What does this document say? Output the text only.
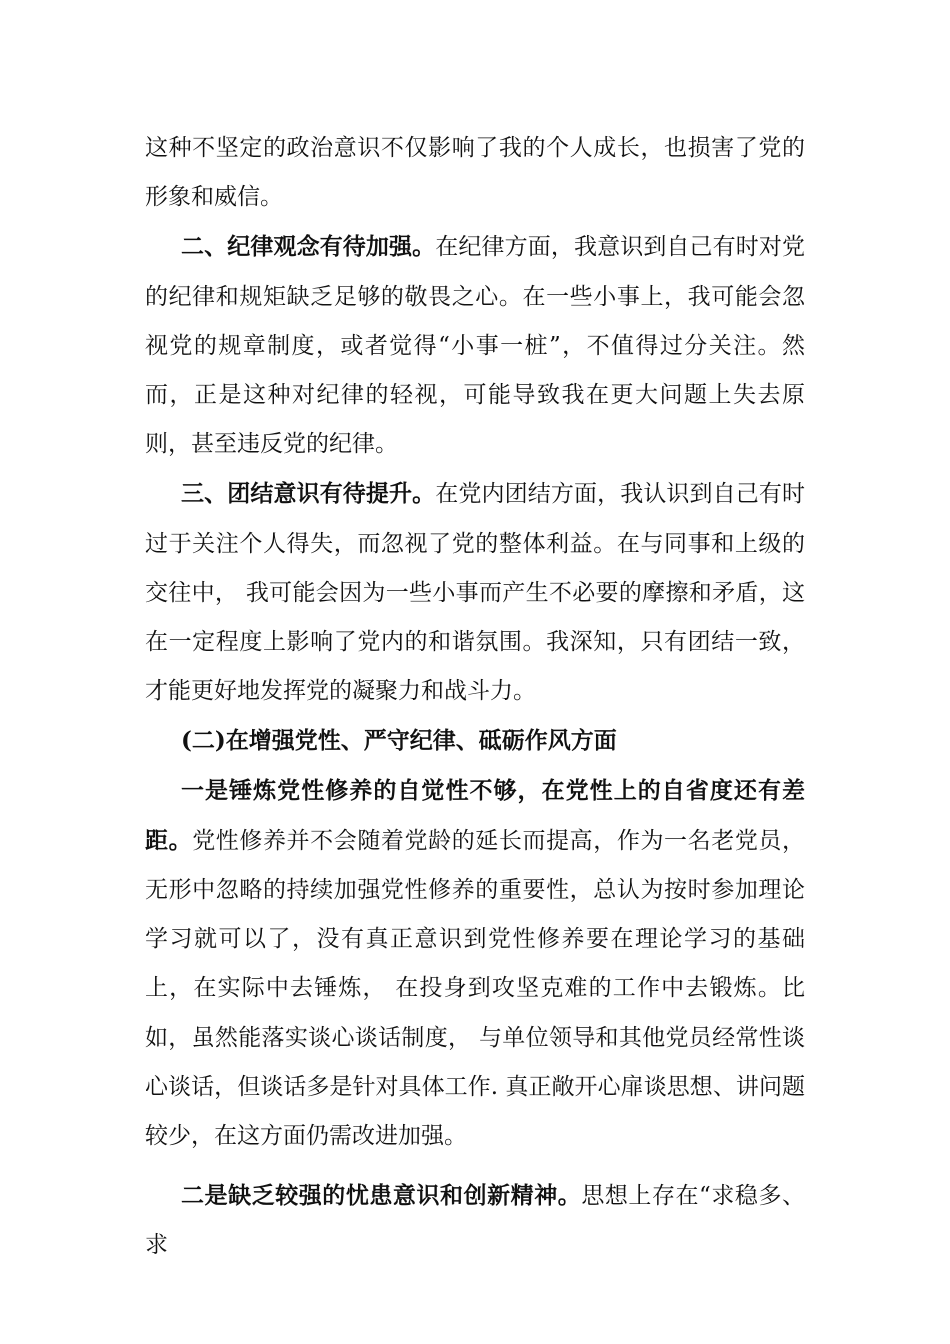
这种不坚定的政治意识不仅影响了我的个人成长，也损害了党的形象和威信。

二、纪律观念有待加强。在纪律方面，我意识到自己有时对党的纪律和规矩缺乏足够的敬畏之心。在一些小事上，我可能会忽视党的规章制度，或者觉得“小事一桩”，不值得过分关注。然而，正是这种对纪律的轻视，可能导致我在更大问题上失去原则，甚至违反党的纪律。

三、团结意识有待提升。在党内团结方面，我认识到自己有时过于关注个人得失，而忽视了党的整体利益。在与同事和上级的交往中， 我可能会因为一些小事而产生不必要的摩擦和矛盾，这在一定程度上影响了党内的和谐氛围。我深知，只有团结一致，才能更好地发挥党的凝聚力和战斗力。

(二)在增强党性、严守纪律、砥砺作风方面

一是锤炼党性修养的自觉性不够，在党性上的自省度还有差距。党性修养并不会随着党龄的延长而提高，作为一名老党员，无形中忽略的持续加强党性修养的重要性，总认为按时参加理论学习就可以了，没有真正意识到党性修养要在理论学习的基础上，在实际中去锤炼， 在投身到攻坚克难的工作中去锻炼。比如，虽然能落实谈心谈话制度， 与单位领导和其他党员经常性谈心谈话，但谈话多是针对具体工作. 真正敞开心扉谈思想、讲问题较少，在这方面仍需改进加强。

二是缺乏较强的忧患意识和创新精神。思想上存在“求稳多、求
